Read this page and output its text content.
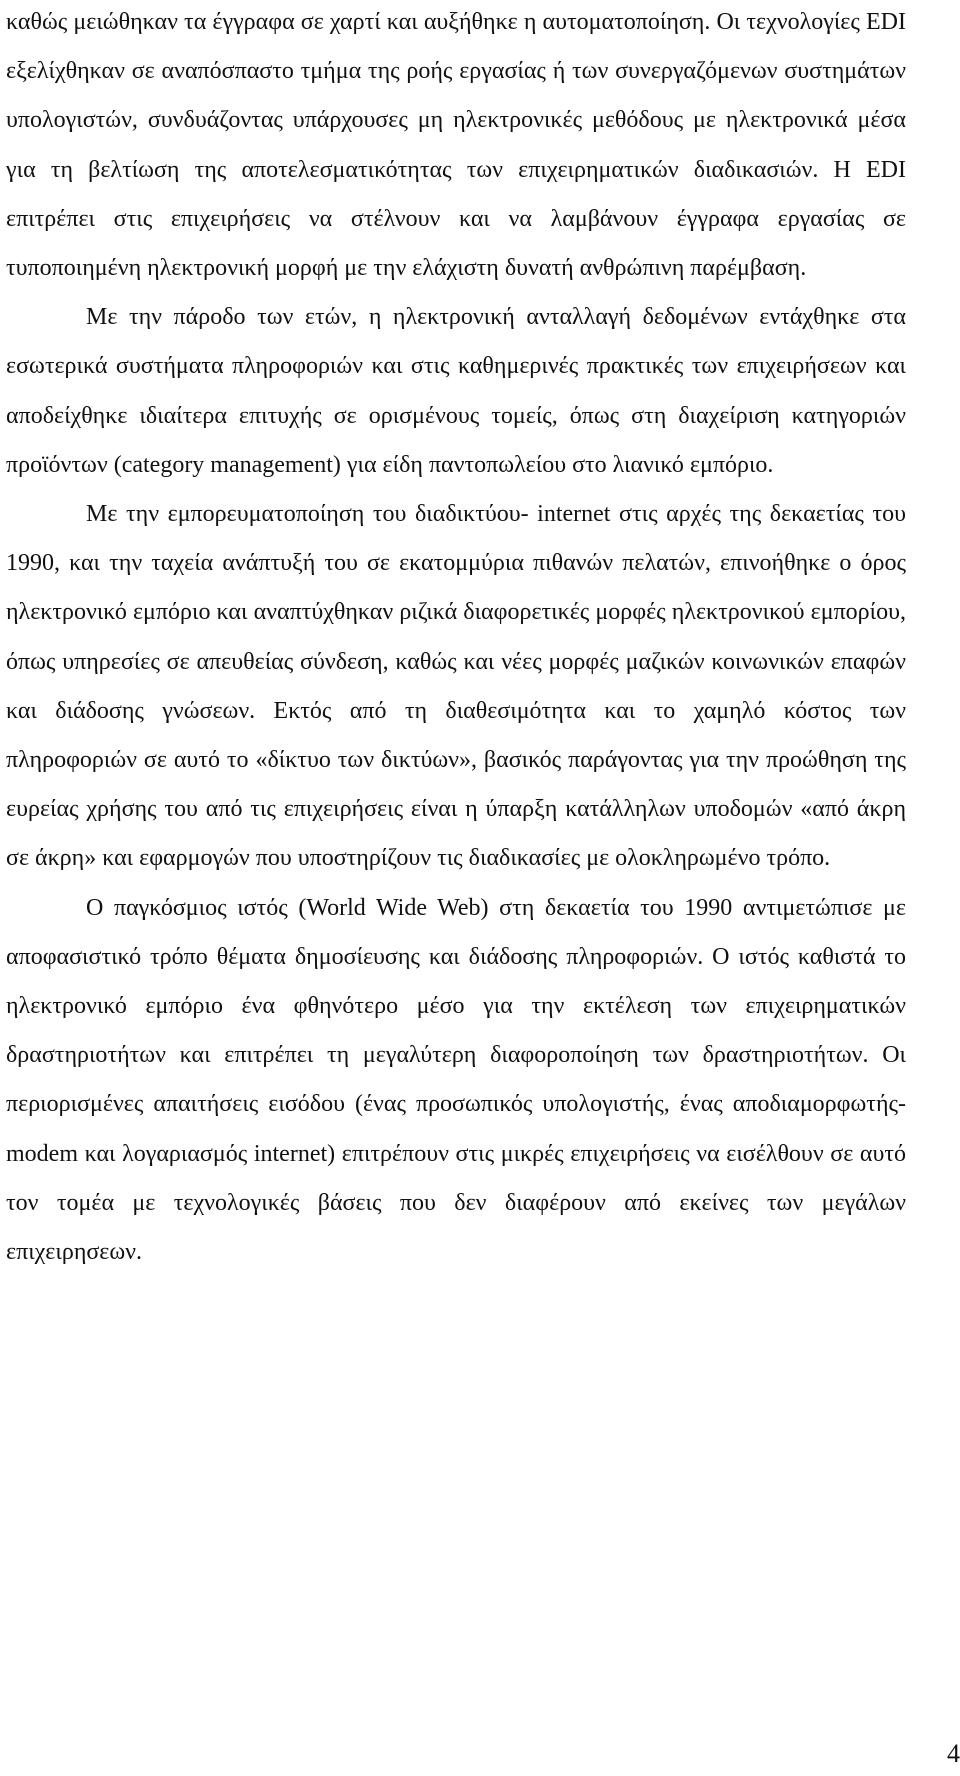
καθώς μειώθηκαν τα έγγραφα σε χαρτί και αυξήθηκε η αυτοματοποίηση. Οι τεχνολογίες EDI εξελίχθηκαν σε αναπόσπαστο τμήμα της ροής εργασίας ή των συνεργαζόμενων συστημάτων υπολογιστών, συνδυάζοντας υπάρχουσες μη ηλεκτρονικές μεθόδους με ηλεκτρονικά μέσα για τη βελτίωση της αποτελεσματικότητας των επιχειρηματικών διαδικασιών. Η EDI επιτρέπει στις επιχειρήσεις να στέλνουν και να λαμβάνουν έγγραφα εργασίας σε τυποποιημένη ηλεκτρονική μορφή με την ελάχιστη δυνατή ανθρώπινη παρέμβαση.

Με την πάροδο των ετών, η ηλεκτρονική ανταλλαγή δεδομένων εντάχθηκε στα εσωτερικά συστήματα πληροφοριών και στις καθημερινές πρακτικές των επιχειρήσεων και αποδείχθηκε ιδιαίτερα επιτυχής σε ορισμένους τομείς, όπως στη διαχείριση κατηγοριών προϊόντων (category management) για είδη παντοπωλείου στο λιανικό εμπόριο.

Με την εμπορευματοποίηση του διαδικτύου- internet στις αρχές της δεκαετίας του 1990, και την ταχεία ανάπτυξή του σε εκατομμύρια πιθανών πελατών, επινοήθηκε ο όρος ηλεκτρονικό εμπόριο και αναπτύχθηκαν ριζικά διαφορετικές μορφές ηλεκτρονικού εμπορίου, όπως υπηρεσίες σε απευθείας σύνδεση, καθώς και νέες μορφές μαζικών κοινωνικών επαφών και διάδοσης γνώσεων. Εκτός από τη διαθεσιμότητα και το χαμηλό κόστος των πληροφοριών σε αυτό το «δίκτυο των δικτύων», βασικός παράγοντας για την προώθηση της ευρείας χρήσης του από τις επιχειρήσεις είναι η ύπαρξη κατάλληλων υποδομών «από άκρη σε άκρη» και εφαρμογών που υποστηρίζουν τις διαδικασίες με ολοκληρωμένο τρόπο.

Ο παγκόσμιος ιστός (World Wide Web) στη δεκαετία του 1990 αντιμετώπισε με αποφασιστικό τρόπο θέματα δημοσίευσης και διάδοσης πληροφοριών. Ο ιστός καθιστά το ηλεκτρονικό εμπόριο ένα φθηνότερο μέσο για την εκτέλεση των επιχειρηματικών δραστηριοτήτων και επιτρέπει τη μεγαλύτερη διαφοροποίηση των δραστηριοτήτων. Οι περιορισμένες απαιτήσεις εισόδου (ένας προσωπικός υπολογιστής, ένας αποδιαμορφωτής-modem και λογαριασμός internet) επιτρέπουν στις μικρές επιχειρήσεις να εισέλθουν σε αυτό τον τομέα με τεχνολογικές βάσεις που δεν διαφέρουν από εκείνες των μεγάλων επιχειρησεων.

4
